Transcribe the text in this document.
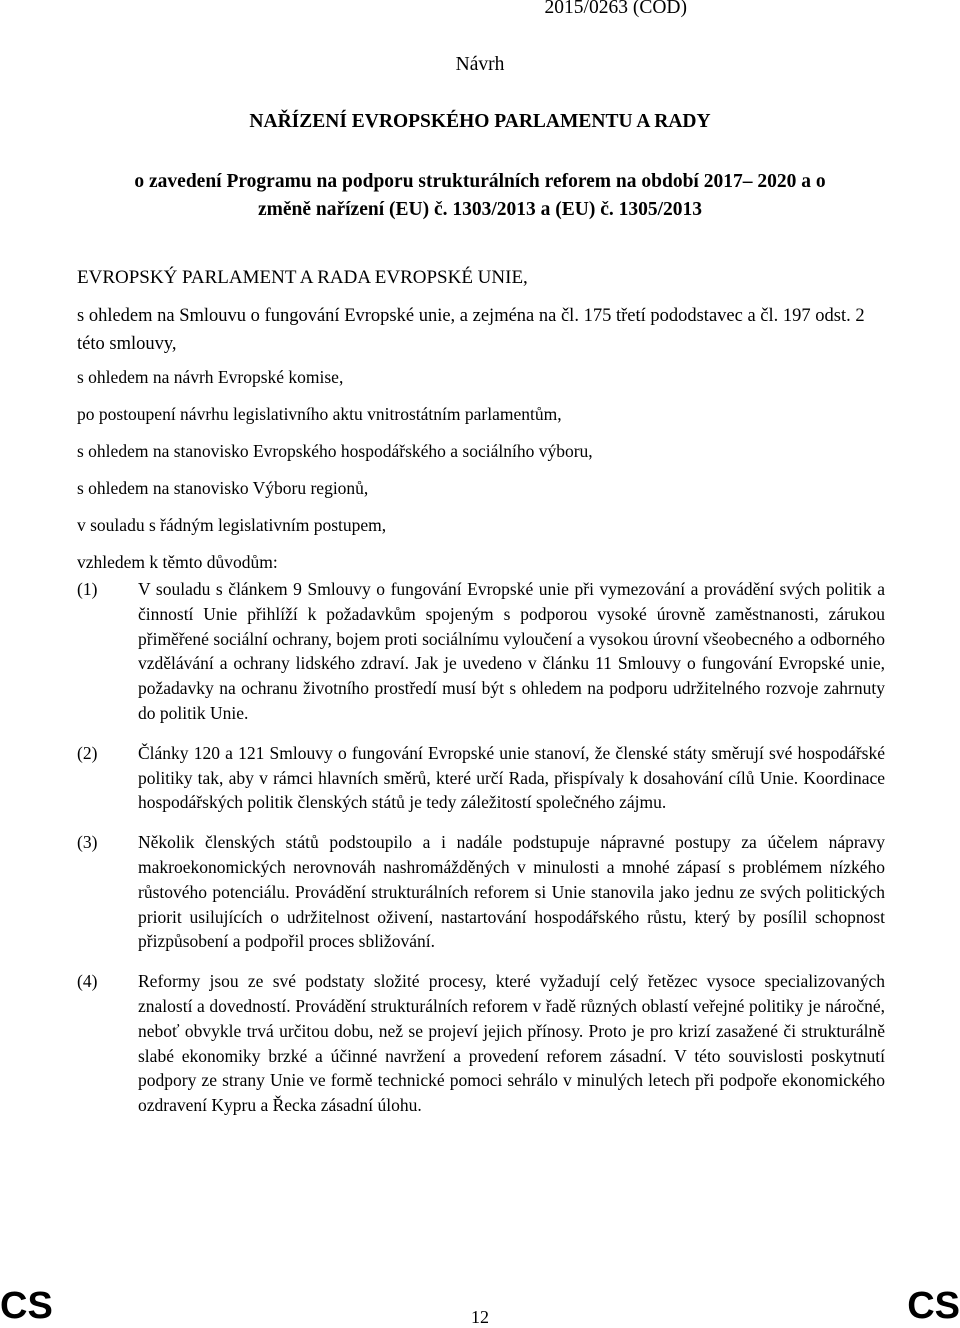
2015/0263 (COD)
Návrh
NAŘÍZENÍ EVROPSKÉHO PARLAMENTU A RADY
o zavedení Programu na podporu strukturálních reforem na období 2017– 2020 a o
změně nařízení (EU) č. 1303/2013 a (EU) č. 1305/2013
EVROPSKÝ PARLAMENT A RADA EVROPSKÉ UNIE,

s ohledem na Smlouvu o fungování Evropské unie, a zejména na čl. 175 třetí pododstavec a čl. 197 odst. 2 této smlouvy,

s ohledem na návrh Evropské komise,

po postoupení návrhu legislativního aktu vnitrostátním parlamentům,

s ohledem na stanovisko Evropského hospodářského a sociálního výboru,

s ohledem na stanovisko Výboru regionů,

v souladu s řádným legislativním postupem,

vzhledem k těmto důvodům:

(1)	V souladu s článkem 9 Smlouvy o fungování Evropské unie při vymezování a provádění svých politik a činností Unie přihlíží k požadavkům spojeným s podporou vysoké úrovně zaměstnanosti, zárukou přiměřené sociální ochrany, bojem proti sociálnímu vyloučení a vysokou úrovní všeobecného a odborného vzdělávání a ochrany lidského zdraví. Jak je uvedeno v článku 11 Smlouvy o fungování Evropské unie, požadavky na ochranu životního prostředí musí být s ohledem na podporu udržitelného rozvoje zahrnuty do politik Unie.
(2)	Články 120 a 121 Smlouvy o fungování Evropské unie stanoví, že členské státy směrují své hospodářské politiky tak, aby v rámci hlavních směrů, které určí Rada, přispívaly k dosahování cílů Unie. Koordinace hospodářských politik členských států je tedy záležitostí společného zájmu.
(3)	Několik členských států podstoupilo a i nadále podstupuje nápravné postupy za účelem nápravy makroekonomických nerovnováh nashromážděných v minulosti a mnohé zápasí s problémem nízkého růstového potenciálu. Provádění strukturálních reforem si Unie stanovila jako jednu ze svých politických priorit usilujících o udržitelnost oživení, nastartování hospodářského růstu, který by posílil schopnost přizpůsobení a podpořil proces sbližování.
(4)	Reformy jsou ze své podstaty složité procesy, které vyžadují celý řetězec vysoce specializovaných znalostí a dovedností. Provádění strukturálních reforem v řadě různých oblastí veřejné politiky je náročné, neboť obvykle trvá určitou dobu, než se projeví jejich přínosy. Proto je pro krizí zasažené či strukturálně slabé ekonomiky brzké a účinné navržení a provedení reforem zásadní. V této souvislosti poskytnutí podpory ze strany Unie ve formě technické pomoci sehrálo v minulých letech při podpoře ekonomického ozdravení Kypru a Řecka zásadní úlohu.
CS	12	CS
